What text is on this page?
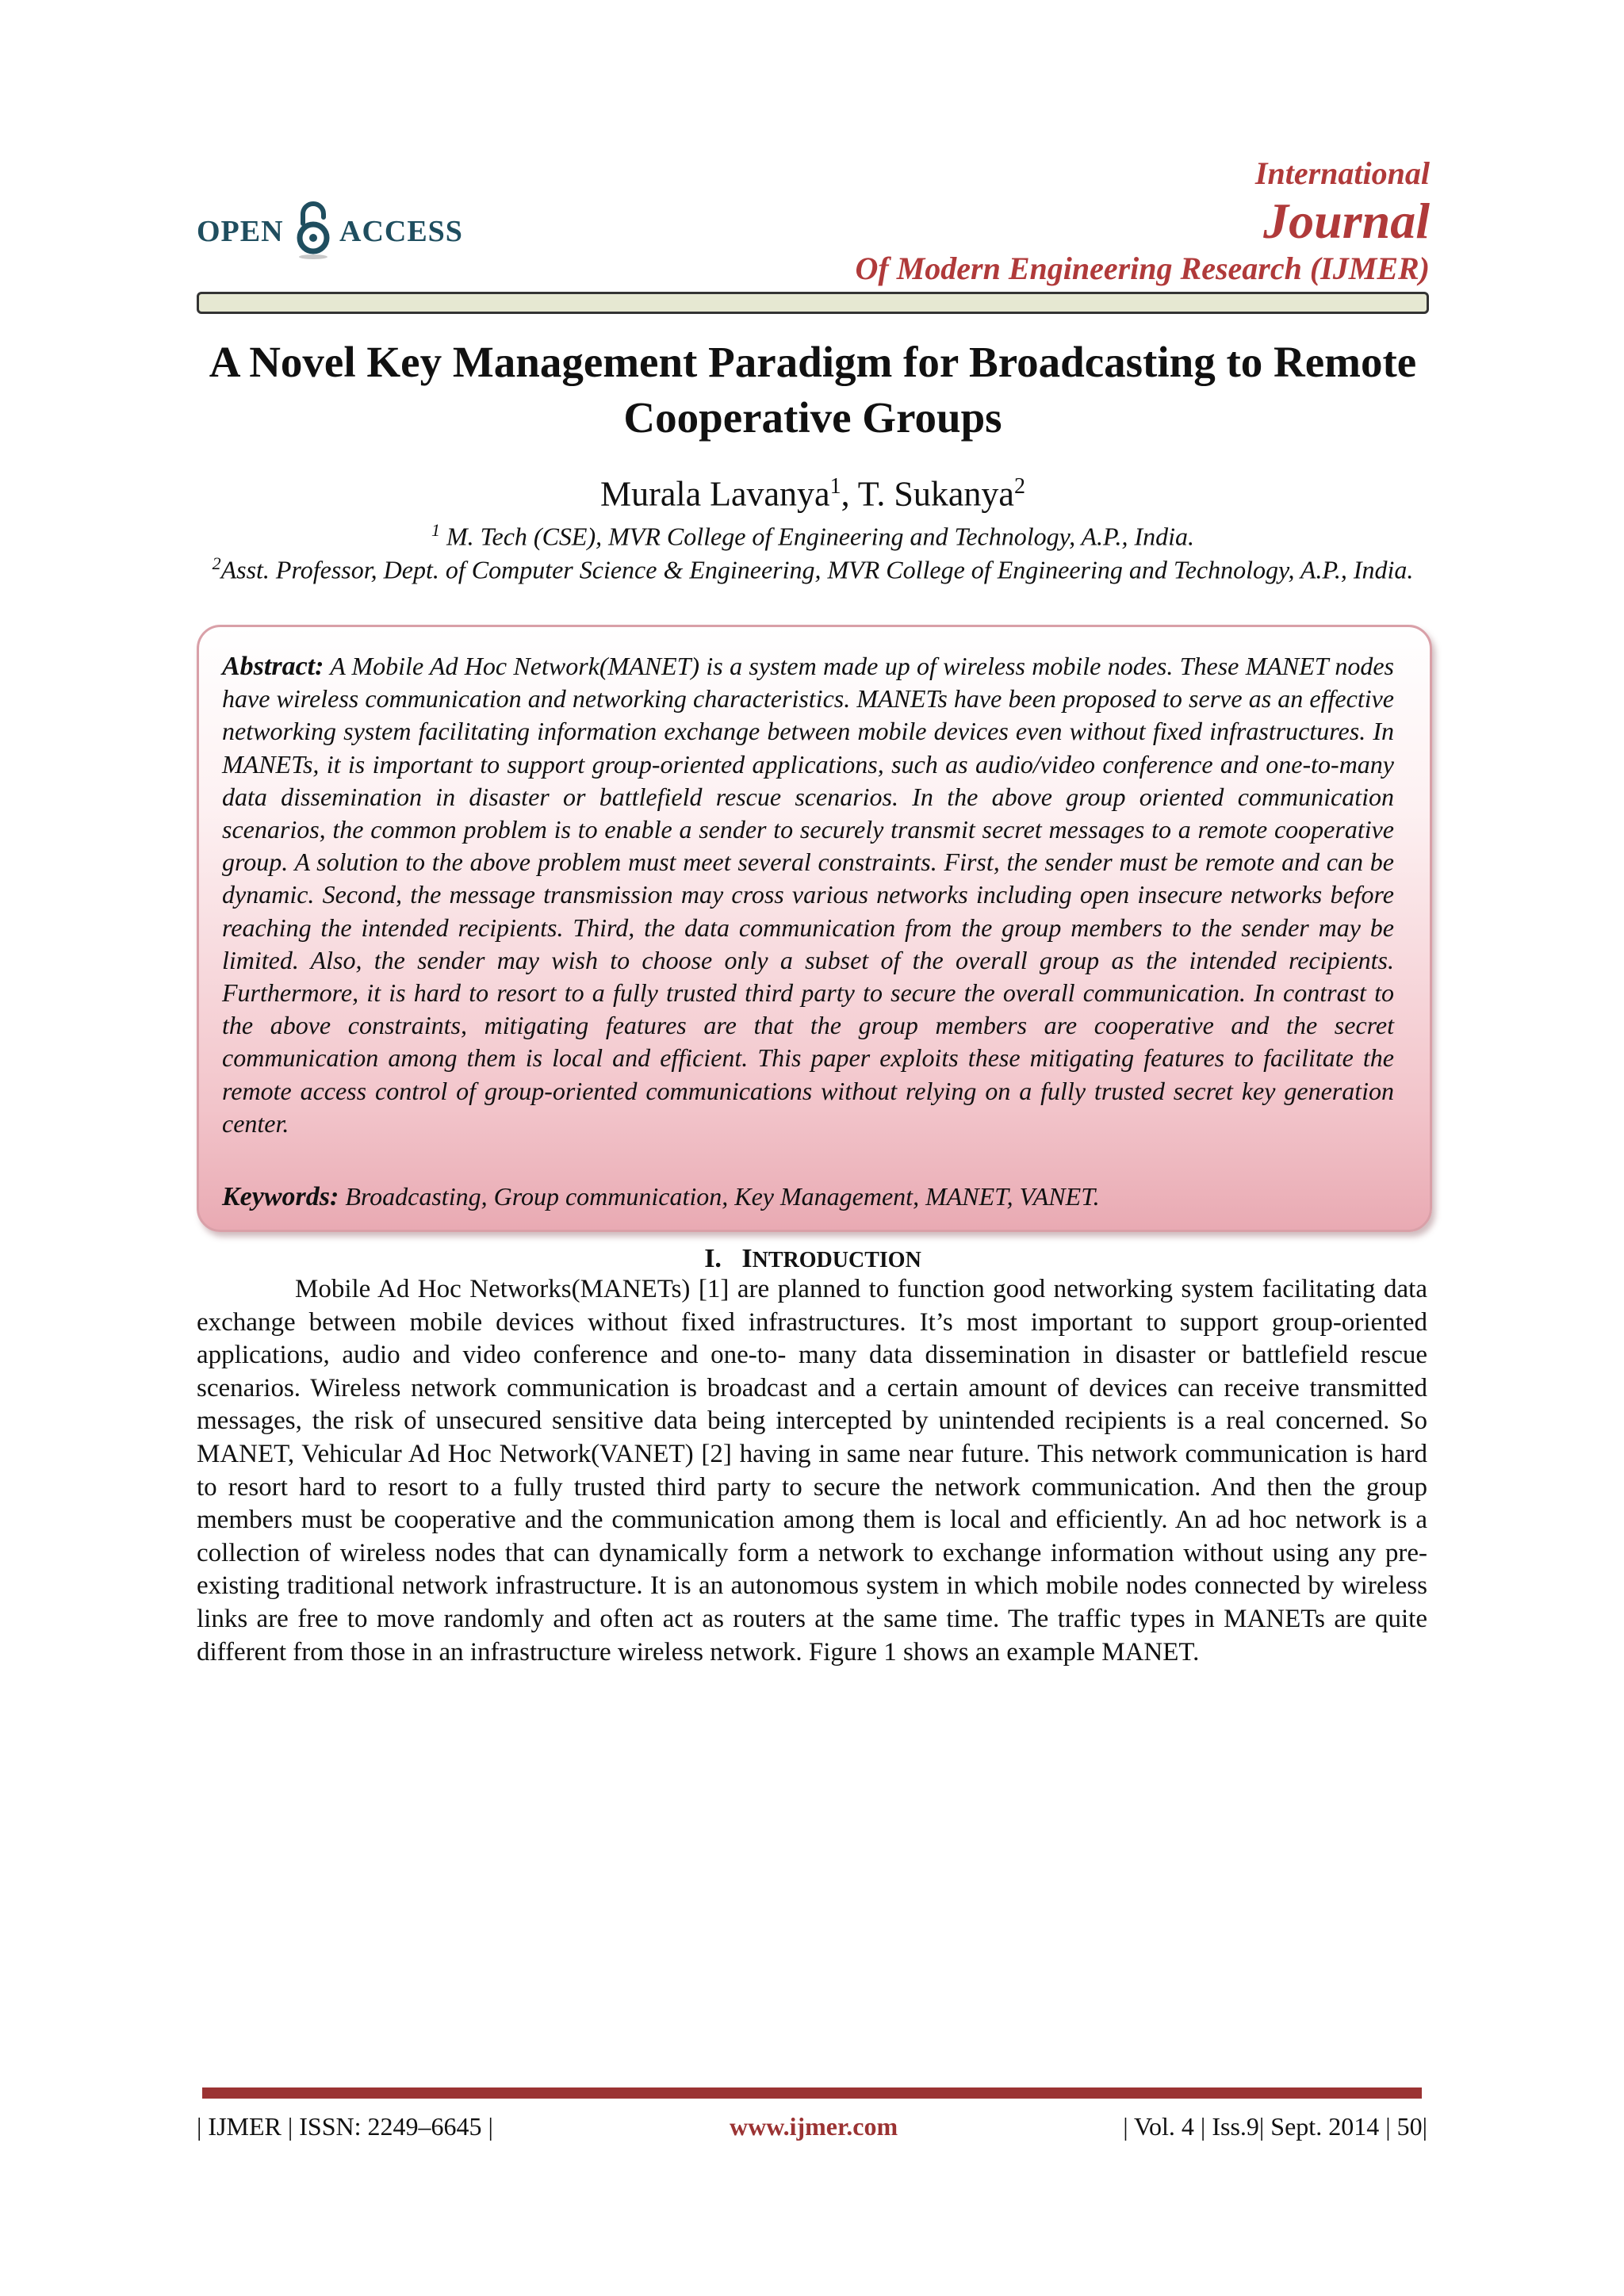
OPEN ACCESS
International
Journal
Of Modern Engineering Research (IJMER)
A Novel Key Management Paradigm for Broadcasting to Remote Cooperative Groups
Murala Lavanya$^1$, T. Sukanya$^2$
$^1$ M. Tech (CSE), MVR College of Engineering and Technology, A.P., India.
$^2$Asst. Professor, Dept. of Computer Science & Engineering, MVR College of Engineering and Technology, A.P., India.
Abstract: A Mobile Ad Hoc Network(MANET) is a system made up of wireless mobile nodes. These MANET nodes have wireless communication and networking characteristics. MANETs have been proposed to serve as an effective networking system facilitating information exchange between mobile devices even without fixed infrastructures. In MANETs, it is important to support group-oriented applications, such as audio/video conference and one-to-many data dissemination in disaster or battlefield rescue scenarios. In the above group oriented communication scenarios, the common problem is to enable a sender to securely transmit secret messages to a remote cooperative group. A solution to the above problem must meet several constraints. First, the sender must be remote and can be dynamic. Second, the message transmission may cross various networks including open insecure networks before reaching the intended recipients. Third, the data communication from the group members to the sender may be limited. Also, the sender may wish to choose only a subset of the overall group as the intended recipients. Furthermore, it is hard to resort to a fully trusted third party to secure the overall communication. In contrast to the above constraints, mitigating features are that the group members are cooperative and the secret communication among them is local and efficient. This paper exploits these mitigating features to facilitate the remote access control of group-oriented communications without relying on a fully trusted secret key generation center.
Keywords: Broadcasting, Group communication, Key Management, MANET, VANET.
I. INTRODUCTION

Mobile Ad Hoc Networks(MANETs) [1] are planned to function good networking system facilitating data exchange between mobile devices without fixed infrastructures. It’s most important to support group-oriented applications, audio and video conference and one-to- many data dissemination in disaster or battlefield rescue scenarios. Wireless network communication is broadcast and a certain amount of devices can receive transmitted messages, the risk of unsecured sensitive data being intercepted by unintended recipients is a real concerned. So MANET, Vehicular Ad Hoc Network(VANET) [2] having in same near future. This network communication is hard to resort hard to resort to a fully trusted third party to secure the network communication. And then the group members must be cooperative and the communication among them is local and efficiently. An ad hoc network is a collection of wireless nodes that can dynamically form a network to exchange information without using any pre-existing traditional network infrastructure. It is an autonomous system in which mobile nodes connected by wireless links are free to move randomly and often act as routers at the same time. The traffic types in MANETs are quite different from those in an infrastructure wireless network. Figure 1 shows an example MANET.

| IJMER | ISSN: 2249–6645 |	www.ijmer.com	| Vol. 4 | Iss.9| Sept. 2014 | 50|
